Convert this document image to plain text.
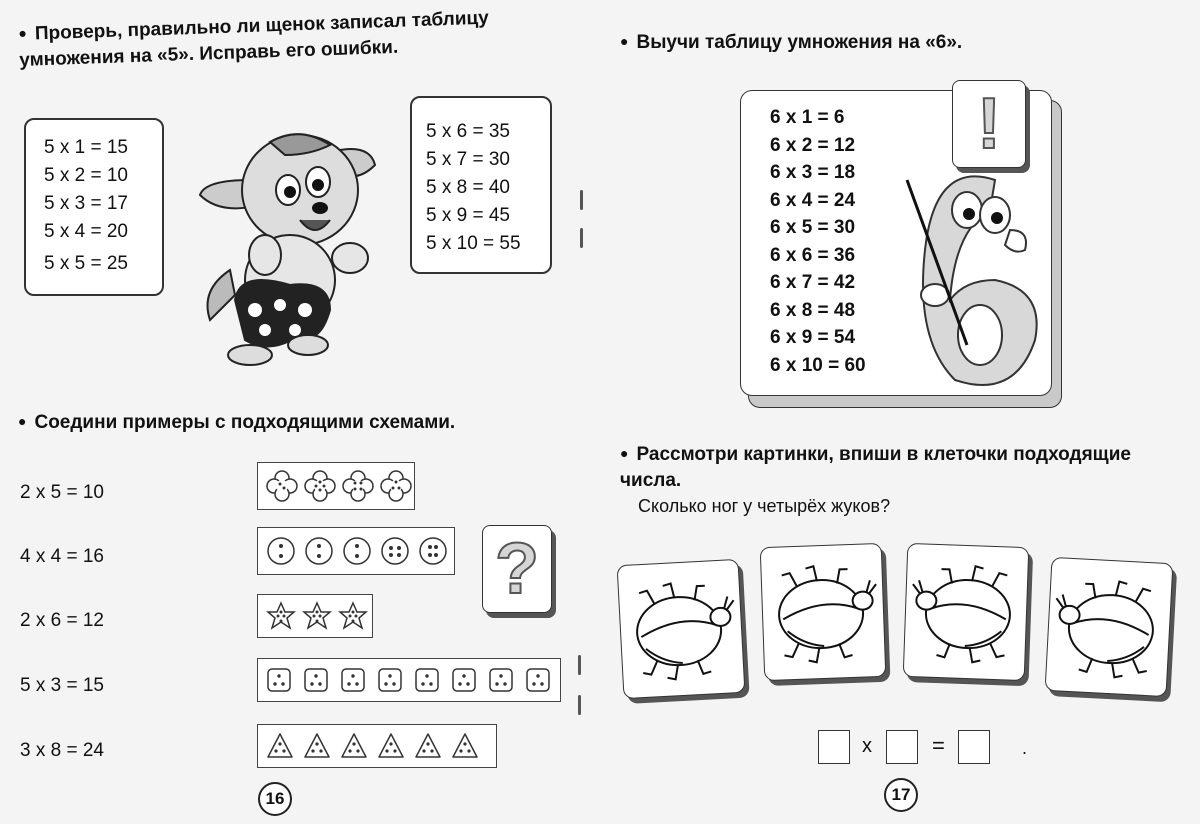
● Проверь, правильно ли щенок записал таблицу
умножения на «5». Исправь его ошибки.
5 x 1 = 15
5 x 2 = 10
5 x 3 = 17
5 x 4 = 20
5 x 5 = 25
5 x 6 = 35
5 x 7 = 30
5 x 8 = 40
5 x 9 = 45
5 x 10 = 55
● Соедини примеры с подходящими схемами.
2 x 5 = 10
4 x 4 = 16
2 x 6 = 12
5 x 3 = 15
3 x 8 = 24
?
16
● Выучи таблицу умножения на «6».
!
6 x 1 = 6
6 x 2 = 12
6 x 3 = 18
6 x 4 = 24
6 x 5 = 30
6 x 6 = 36
6 x 7 = 42
6 x 8 = 48
6 x 9 = 54
6 x 10 = 60
● Рассмотри картинки, впиши в клеточки подходящие
числа.
Сколько ног у четырёх жуков?
x	=	.
17
